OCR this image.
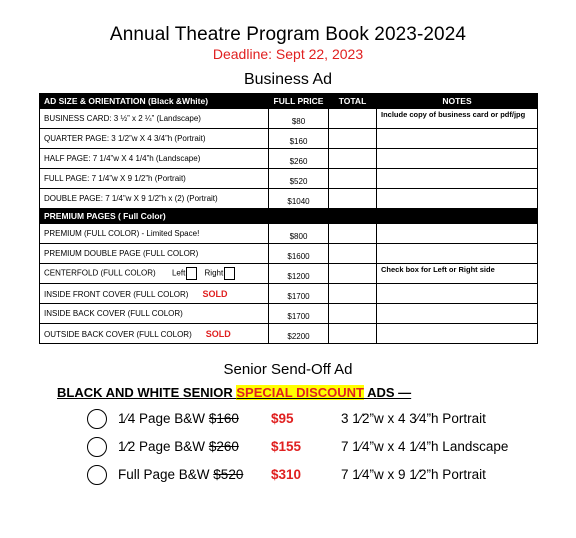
Annual Theatre Program Book 2023-2024
Deadline: Sept 22, 2023
Business Ad
AD SIZE & ORIENTATION (Black &White)	FULL PRICE	TOTAL	NOTES
BUSINESS CARD: 3 ½” x 2 ¼” (Landscape)	$80		Include copy of business card or pdf/jpg
QUARTER PAGE: 3 1/2”w X 4 3/4”h (Portrait)	$160		
HALF PAGE: 7 1/4”w X 4 1/4”h (Landscape)	$260		
FULL PAGE: 7 1/4”w X 9 1/2”h (Portrait)	$520		
DOUBLE PAGE: 7 1/4”w X 9 1/2”h x (2) (Portrait)	$1040		
PREMIUM PAGES ( Full Color)			
PREMIUM (FULL COLOR) - Limited Space!	$800		
PREMIUM DOUBLE PAGE (FULL COLOR)	$1600		
CENTERFOLD (FULL COLOR) Left Right	$1200		Check box for Left or Right side
INSIDE FRONT COVER (FULL COLOR) SOLD	$1700		
INSIDE BACK COVER (FULL COLOR)	$1700		
OUTSIDE BACK COVER (FULL COLOR) SOLD	$2200		
Senior Send-Off Ad
BLACK AND WHITE SENIOR SPECIAL DISCOUNT ADS —
1⁄4 Page B&W $160 $95	3 1⁄2”w x 4 3⁄4”h Portrait
1⁄2 Page B&W $260 $155	7 1⁄4”w x 4 1⁄4”h Landscape
Full Page B&W $520 $310	7 1⁄4”w x 9 1⁄2”h Portrait
